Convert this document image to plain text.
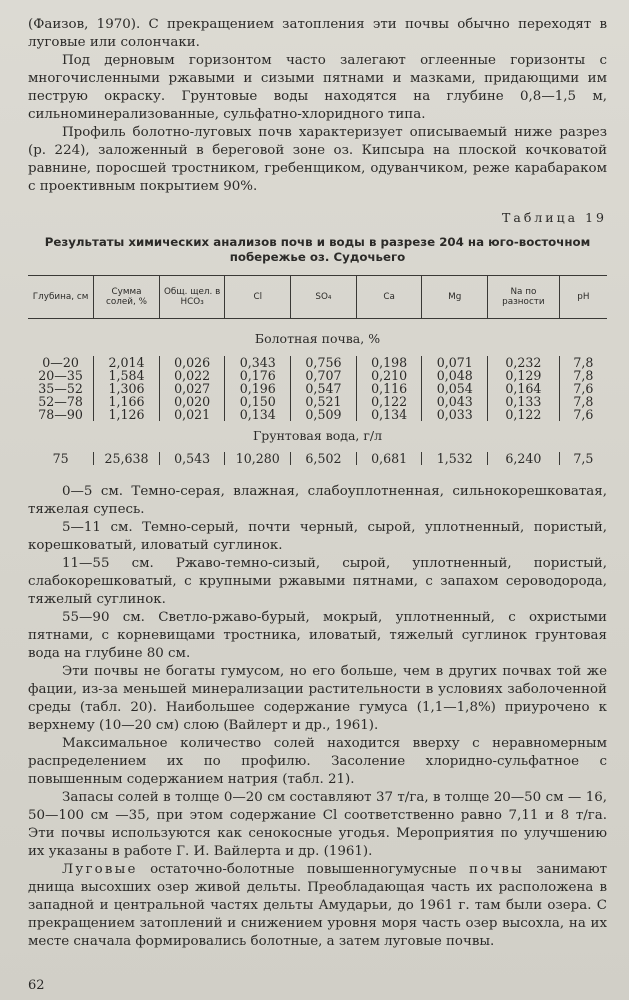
(Фаизов, 1970). С прекращением затопления эти почвы обычно переходят в луговые или солончаки.

Под дерновым горизонтом часто залегают оглеенные горизонты с многочисленными ржавыми и сизыми пятнами и мазками, придающими им пеструю окраску. Грунтовые воды находятся на глубине 0,8—1,5 м, сильноминерализованные, сульфатно-хлоридного типа.

Профиль болотно-луговых почв характеризует описываемый ниже разрез (р. 224), заложенный в береговой зоне оз. Кипсыра на плоской кочковатой равнине, поросшей тростником, гребенщиком, одуванчиком, реже карабараком с проективным покрытием 90%.

Таблица 19
Результаты химических анализов почв и воды в разрезе 204 на юго-восточном
побережье оз. Судочьего
Глубина, см	Сумма солей, %	Общ. щел. в HCO₃	Cl	SO₄	Ca	Mg	Na по разности	pH
Болотная почва, %								
0—20	2,014	0,026	0,343	0,756	0,198	0,071	0,232	7,8
20—35	1,584	0,022	0,176	0,707	0,210	0,048	0,129	7,8
35—52	1,306	0,027	0,196	0,547	0,116	0,054	0,164	7,6
52—78	1,166	0,020	0,150	0,521	0,122	0,043	0,133	7,8
78—90	1,126	0,021	0,134	0,509	0,134	0,033	0,122	7,6
Грунтовая вода, г/л								
75	25,638	0,543	10,280	6,502	0,681	1,532	6,240	7,5

0—5 см. Темно-серая, влажная, слабоуплотненная, сильнокорешковатая, тяжелая супесь.

5—11 см. Темно-серый, почти черный, сырой, уплотненный, пористый, корешковатый, иловатый суглинок.

11—55 см. Ржаво-темно-сизый, сырой, уплотненный, пористый, слабокорешковатый, с крупными ржавыми пятнами, с запахом сероводорода, тяжелый суглинок.

55—90 см. Светло-ржаво-бурый, мокрый, уплотненный, с охристыми пятнами, с корневищами тростника, иловатый, тяжелый суглинок грунтовая вода на глубине 80 см.

Эти почвы не богаты гумусом, но его больше, чем в других почвах той же фации, из-за меньшей минерализации растительности в условиях заболоченной среды (табл. 20). Наибольшее содержание гумуса (1,1—1,8%) приурочено к верхнему (10—20 см) слою (Вайлерт и др., 1961).

Максимальное количество солей находится вверху с неравномерным распределением их по профилю. Засоление хлоридно-сульфатное с повышенным содержанием натрия (табл. 21).

Запасы солей в толще 0—20 см составляют 37 т/га, в толще 20—50 см — 16, 50—100 см —35, при этом содержание Cl соответственно равно 7,11 и 8 т/га. Эти почвы используются как сенокосные угодья. Мероприятия по улучшению их указаны в работе Г. И. Вайлерта и др. (1961).

Луговые остаточно-болотные повышенногумусные почвы занимают днища высохших озер живой дельты. Преобладающая часть их расположена в западной и центральной частях дельты Амударьи, до 1961 г. там были озера. С прекращением затоплений и снижением уровня моря часть озер высохла, на их месте сначала формировались болотные, а затем луговые почвы.

62
